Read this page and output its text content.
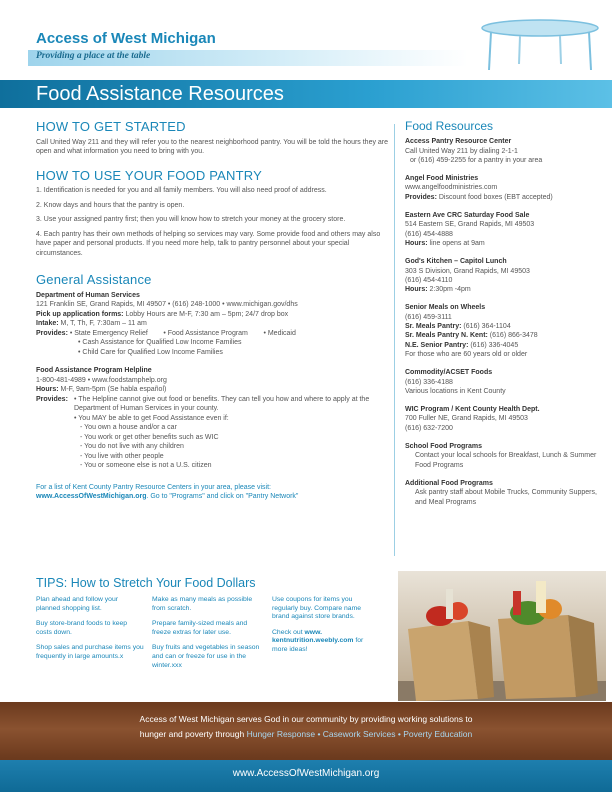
Access of West Michigan
Providing a place at the table
Food Assistance Resources
HOW TO GET STARTED

Call United Way 211 and they will refer you to the nearest neighborhood pantry. You will be told the hours they are open and what information you need to bring with you.

HOW TO USE YOUR FOOD PANTRY
1. Identification is needed for you and all family members. You will also need proof of address.
2. Know days and hours that the pantry is open.
3. Use your assigned pantry first; then you will know how to stretch your money at the grocery store.
4. Each pantry has their own methods of helping so services may vary. Some provide food and others may also have paper and personal products. If you need more help, talk to pantry personnel about your special circumstances.
General Assistance

Department of Human Services

121 Franklin SE, Grand Rapids, MI 49507 • (616) 248-1000 • www.michigan.gov/dhs

Pick up application forms: Lobby Hours are M-F, 7:30 am – 5pm; 24/7 drop box

Intake: M, T, Th, F, 7:30am – 11 am

Provides: • State Emergency Relief        • Food Assistance Program        • Medicaid

• Cash Assistance for Qualified Low Income Families

• Child Care for Qualified Low Income Families

Food Assistance Program Helpline

1-800-481-4989 • www.foodstamphelp.org

Hours: M-F, 9am-5pm (Se habla español)

Provides: • The Helpline cannot give out food or benefits. They can tell you how and where to apply at the Department of Human Services in your county.

• You MAY be able to get Food Assistance even if:

- You own a house and/or a car

- You work or get other benefits such as WIC

- You do not live with any children

- You live with other people

- You or someone else is not a U.S. citizen

For a list of Kent County Pantry Resource Centers in your area, please visit:

www.AccessOfWestMichigan.org. Go to "Programs" and click on "Pantry Network"

Food Resources

Access Pantry Resource Center

Call United Way 211 by dialing 2-1-1

or (616) 459-2255 for a pantry in your area

Angel Food Ministries

www.angelfoodministries.com

Provides: Discount food boxes (EBT accepted)

Eastern Ave CRC Saturday Food Sale

514 Eastern SE, Grand Rapids, MI 49503

(616) 454-4888

Hours: line opens at 9am

God's Kitchen – Capitol Lunch

303 S Division, Grand Rapids, MI 49503

(616) 454-4110

Hours: 2:30pm -4pm

Senior Meals on Wheels

(616) 459-3111

Sr. Meals Pantry: (616) 364-1104

Sr. Meals Pantry N. Kent: (616) 866-3478

N.E. Senior Pantry: (616) 336-4045

For those who are 60 years old or older

Commodity/ACSET Foods

(616) 336-4188

Various locations in Kent County

WIC Program / Kent County Health Dept.

700 Fuller NE, Grand Rapids, MI 49503

(616) 632-7200

School Food Programs

Contact your local schools for Breakfast, Lunch & Summer Food Programs

Additional Food Programs

Ask pantry staff about Mobile Trucks, Community Suppers, and Meal Programs

TIPS: How to Stretch Your Food Dollars

Plan ahead and follow your planned shopping list.

Buy store-brand foods to keep costs down.

Shop sales and purchase items you frequently in large amounts.x

Make as many meals as possible from scratch.

Prepare family-sized meals and freeze extras for later use.

Buy fruits and vegetables in season and can or freeze for use in the winter.xxx

Use coupons for items you regularly buy. Compare name brand against store brands.

Check out www. kentnutrition.weebly.com for more ideas!

Access of West Michigan serves God in our community by providing working solutions to
hunger and poverty through Hunger Response • Casework Services • Poverty Education
www.AccessOfWestMichigan.org
